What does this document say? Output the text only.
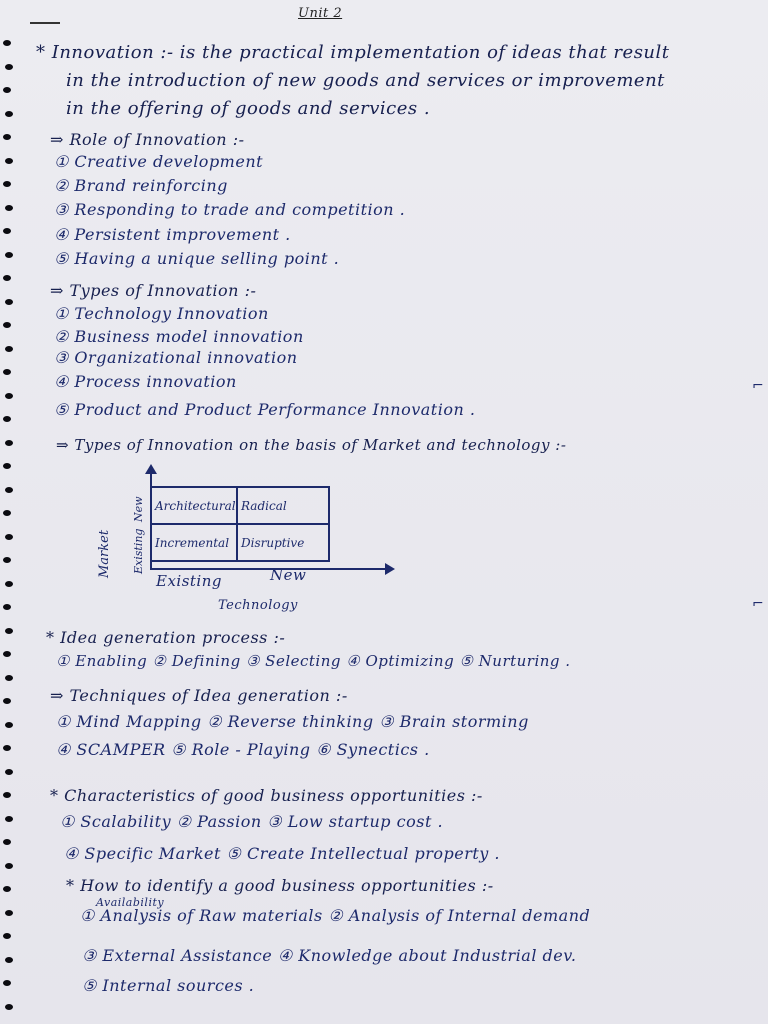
Unit 2
* Innovation :- is the practical implementation of ideas that result
in the introduction of new goods and services or improvement
in the offering of goods and services .
⇒ Role of Innovation :-
① Creative development
② Brand reinforcing
③ Responding to trade and competition .
④ Persistent improvement .
⑤ Having a unique selling point .
⇒ Types of Innovation :-
① Technology Innovation
② Business model innovation
③ Organizational innovation
④ Process innovation
⑤ Product and Product Performance Innovation .
⌐
⇒ Types of Innovation on the basis of Market and technology :-
Architectural Radical
Incremental Disruptive
Market
New
Existing
Existing	New
Technology	⌐
* Idea generation process :-
① Enabling ② Defining ③ Selecting ④ Optimizing ⑤ Nurturing .
⇒ Techniques of Idea generation :-
① Mind Mapping ② Reverse thinking ③ Brain storming
④ SCAMPER ⑤ Role - Playing ⑥ Synectics .
* Characteristics of good business opportunities :-
① Scalability ② Passion ③ Low startup cost .
④ Specific Market ⑤ Create Intellectual property .
* How to identify a good business opportunities :-
Availability
① Analysis of Raw materials ② Analysis of Internal demand
③ External Assistance ④ Knowledge about Industrial dev.
⑤ Internal sources .
